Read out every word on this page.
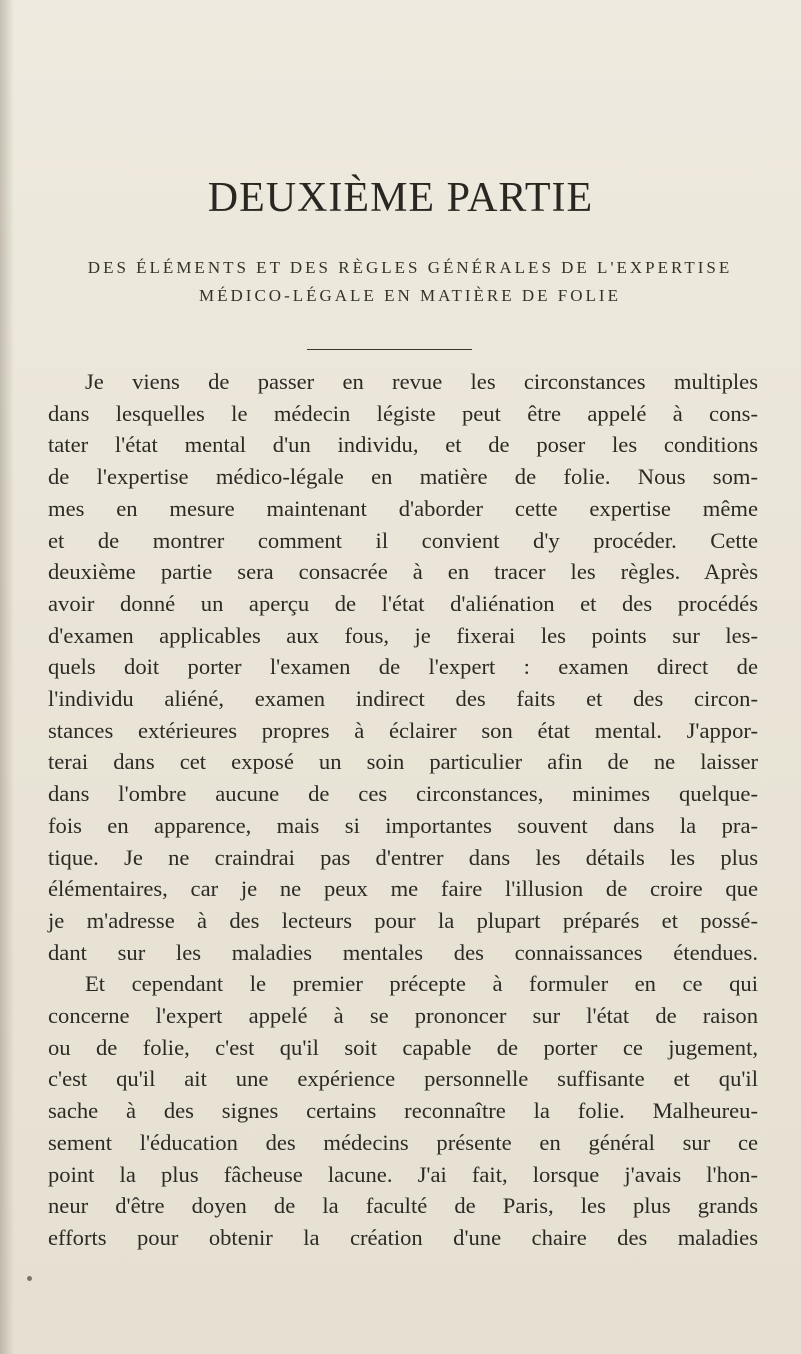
DEUXIÈME PARTIE
DES ÉLÉMENTS ET DES RÈGLES GÉNÉRALES DE L'EXPERTISE
MÉDICO-LÉGALE EN MATIÈRE DE FOLIE
Je viens de passer en revue les circonstances multiples
dans lesquelles le médecin légiste peut être appelé à cons-
tater l'état mental d'un individu, et de poser les conditions
de l'expertise médico-légale en matière de folie. Nous som-
mes en mesure maintenant d'aborder cette expertise même
et de montrer comment il convient d'y procéder. Cette
deuxième partie sera consacrée à en tracer les règles. Après
avoir donné un aperçu de l'état d'aliénation et des procédés
d'examen applicables aux fous, je fixerai les points sur les-
quels doit porter l'examen de l'expert : examen direct de
l'individu aliéné, examen indirect des faits et des circon-
stances extérieures propres à éclairer son état mental. J'appor-
terai dans cet exposé un soin particulier afin de ne laisser
dans l'ombre aucune de ces circonstances, minimes quelque-
fois en apparence, mais si importantes souvent dans la pra-
tique. Je ne craindrai pas d'entrer dans les détails les plus
élémentaires, car je ne peux me faire l'illusion de croire que
je m'adresse à des lecteurs pour la plupart préparés et possé-
dant sur les maladies mentales des connaissances étendues.
Et cependant le premier précepte à formuler en ce qui
concerne l'expert appelé à se prononcer sur l'état de raison
ou de folie, c'est qu'il soit capable de porter ce jugement,
c'est qu'il ait une expérience personnelle suffisante et qu'il
sache à des signes certains reconnaître la folie. Malheureu-
sement l'éducation des médecins présente en général sur ce
point la plus fâcheuse lacune. J'ai fait, lorsque j'avais l'hon-
neur d'être doyen de la faculté de Paris, les plus grands
efforts pour obtenir la création d'une chaire des maladies
